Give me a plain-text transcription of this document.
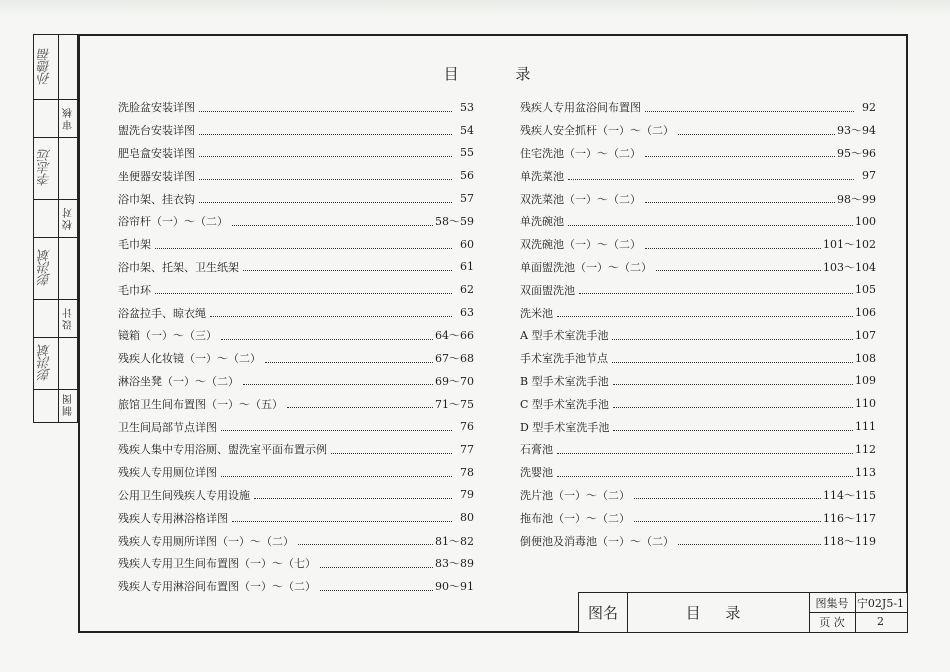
孙德福
审核
李志远
校对
彭洪斌
设计
彭洪斌
制图
目 录
洗脸盆安装详图	53
盥洗台安装详图	54
肥皂盒安装详图	55
坐便器安装详图	56
浴巾架、挂衣钩	57
浴帘杆（一）～（二）	58～59
毛巾架	60
浴巾架、托架、卫生纸架	61
毛巾环	62
浴盆拉手、晾衣绳	63
镜箱（一）～（三）	64～66
残疾人化妆镜（一）～（二）	67～68
淋浴坐凳（一）～（二）	69～70
旅馆卫生间布置图（一）～（五）	71～75
卫生间局部节点详图	76
残疾人集中专用浴厕、盥洗室平面布置示例	77
残疾人专用厕位详图	78
公用卫生间残疾人专用设施	79
残疾人专用淋浴格详图	80
残疾人专用厕所详图（一）～（二）	81～82
残疾人专用卫生间布置图（一）～（七）	83～89
残疾人专用淋浴间布置图（一）～（二）	90～91
残疾人专用盆浴间布置图	92
残疾人安全抓杆（一）～（二）	93～94
住宅洗池（一）～（二）	95～96
单洗菜池	97
双洗菜池（一）～（二）	98～99
单洗碗池	100
双洗碗池（一）～（二）	101～102
单面盥洗池（一）～（二）	103～104
双面盥洗池	105
洗米池	106
A 型手术室洗手池	107
手术室洗手池节点	108
B 型手术室洗手池	109
C 型手术室洗手池	110
D 型手术室洗手池	111
石膏池	112
洗婴池	113
洗片池（一）～（二）	114～115
拖布池（一）～（二）	116～117
倒便池及消毒池（一）～（二）	118～119
图名	目 录
图集号 宁02J5-1
页 次	2
